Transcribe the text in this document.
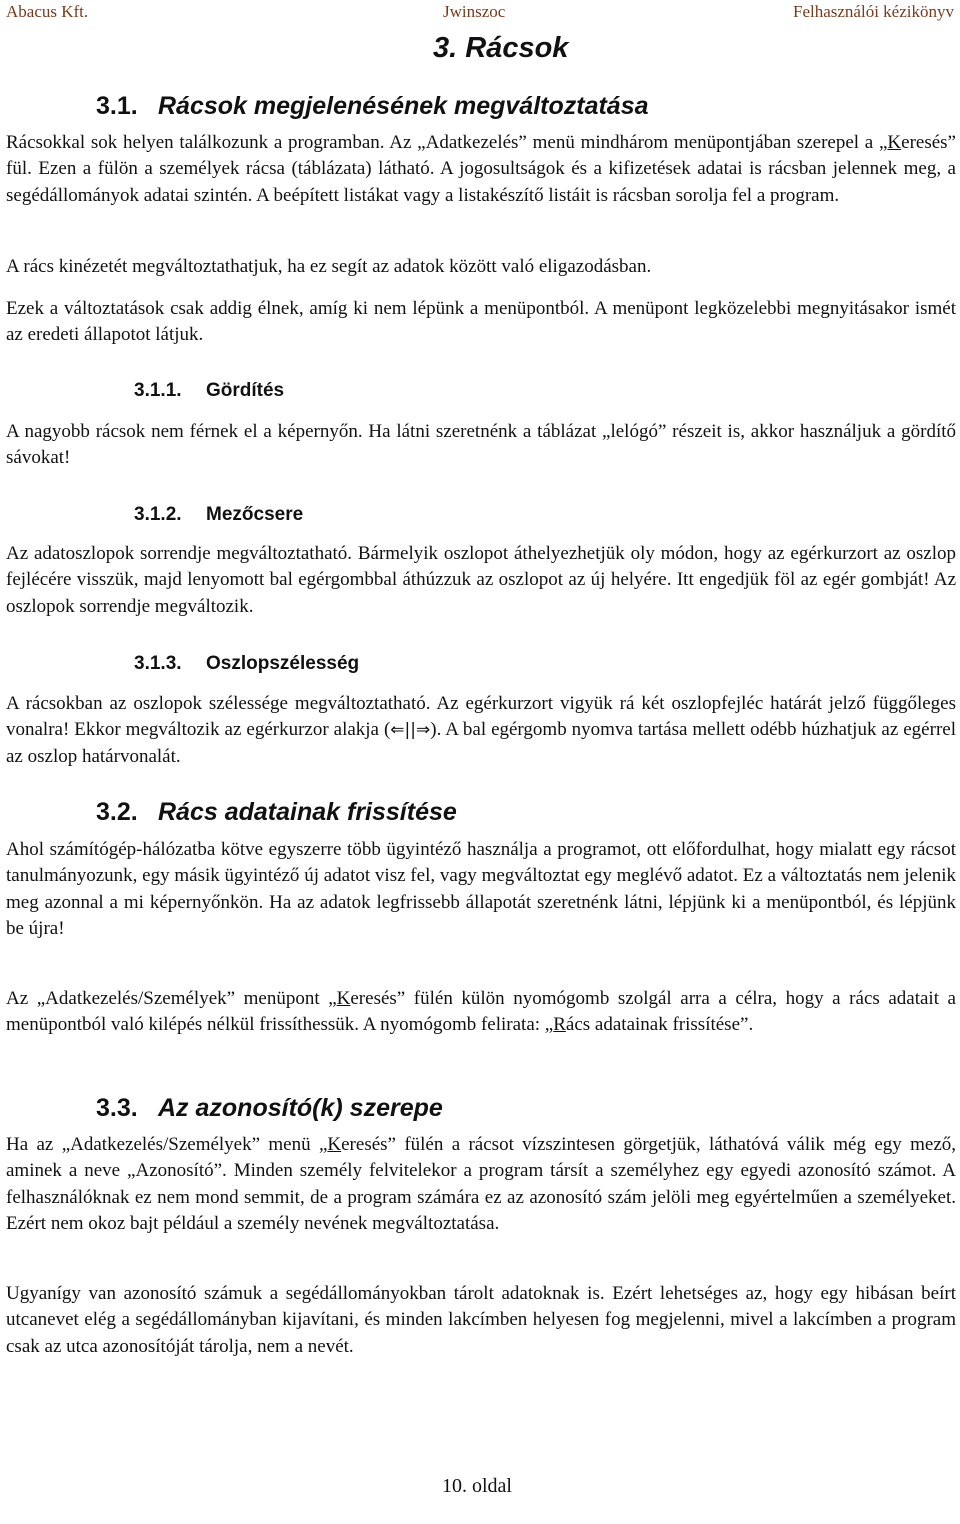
Abacus Kft.	Jwinszoc	Felhasználói kézikönyv
3. Rácsok
3.1. Rácsok megjelenésének megváltoztatása

Rácsokkal sok helyen találkozunk a programban. Az „Adatkezelés” menü mindhárom menüpontjában szerepel a „Keresés” fül. Ezen a fülön a személyek rácsa (táblázata) látható. A jogosultságok és a kifizetések adatai is rácsban jelennek meg, a segédállományok adatai szintén. A beépített listákat vagy a listakészítő listáit is rácsban sorolja fel a program.

A rács kinézetét megváltoztathatjuk, ha ez segít az adatok között való eligazodásban.

Ezek a változtatások csak addig élnek, amíg ki nem lépünk a menüpontból. A menüpont legközelebbi megnyitásakor ismét az eredeti állapotot látjuk.

3.1.1. Gördítés

A nagyobb rácsok nem férnek el a képernyőn. Ha látni szeretnénk a táblázat „lelógó” részeit is, akkor használjuk a gördítő sávokat!

3.1.2. Mezőcsere

Az adatoszlopok sorrendje megváltoztatható. Bármelyik oszlopot áthelyezhetjük oly módon, hogy az egérkurzort az oszlop fejlécére visszük, majd lenyomott bal egérgombbal áthúzzuk az oszlopot az új helyére. Itt engedjük föl az egér gombját! Az oszlopok sorrendje megváltozik.

3.1.3. Oszlopszélesség

A rácsokban az oszlopok szélessége megváltoztatható. Az egérkurzort vigyük rá két oszlopfejléc határát jelző függőleges vonalra! Ekkor megváltozik az egérkurzor alakja (⇐||⇒). A bal egérgomb nyomva tartása mellett odébb húzhatjuk az egérrel az oszlop határvonalát.

3.2. Rács adatainak frissítése

Ahol számítógép-hálózatba kötve egyszerre több ügyintéző használja a programot, ott előfordulhat, hogy mialatt egy rácsot tanulmányozunk, egy másik ügyintéző új adatot visz fel, vagy megváltoztat egy meglévő adatot. Ez a változtatás nem jelenik meg azonnal a mi képernyőnkön. Ha az adatok legfrissebb állapotát szeretnénk látni, lépjünk ki a menüpontból, és lépjünk be újra!

Az „Adatkezelés/Személyek” menüpont „Keresés” fülén külön nyomógomb szolgál arra a célra, hogy a rács adatait a menüpontból való kilépés nélkül frissíthessük. A nyomógomb felirata: „Rács adatainak frissítése”.

3.3. Az azonosító(k) szerepe

Ha az „Adatkezelés/Személyek” menü „Keresés” fülén a rácsot vízszintesen görgetjük, láthatóvá válik még egy mező, aminek a neve „Azonosító”. Minden személy felvitelekor a program társít a személyhez egy egyedi azonosító számot. A felhasználóknak ez nem mond semmit, de a program számára ez az azonosító szám jelöli meg egyértelműen a személyeket. Ezért nem okoz bajt például a személy nevének megváltoztatása.

Ugyanígy van azonosító számuk a segédállományokban tárolt adatoknak is. Ezért lehetséges az, hogy egy hibásan beírt utcanevet elég a segédállományban kijavítani, és minden lakcímben helyesen fog megjelenni, mivel a lakcímben a program csak az utca azonosítóját tárolja, nem a nevét.

10. oldal
